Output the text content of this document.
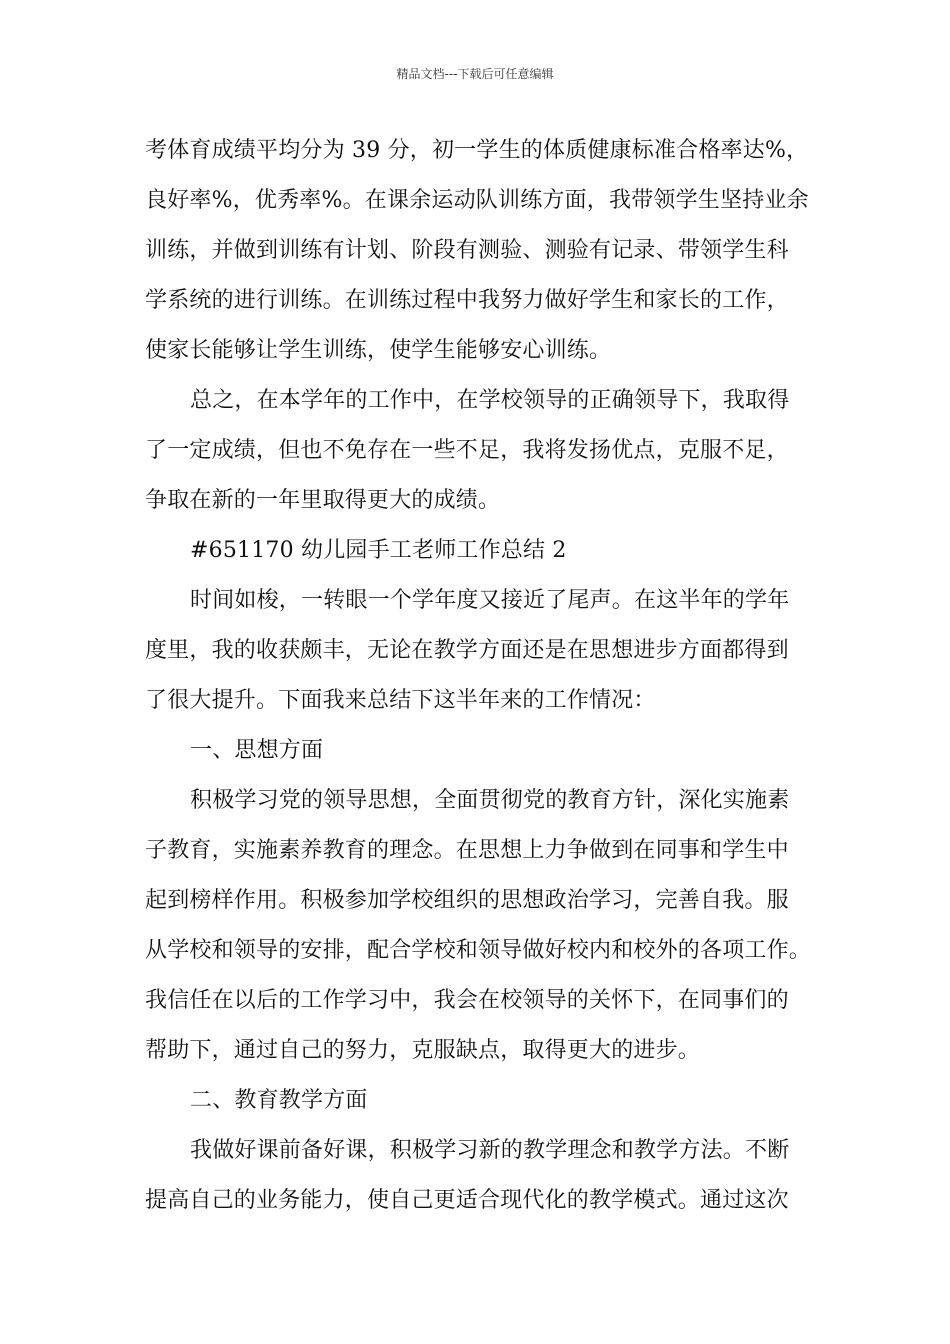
精品文档---下载后可任意编辑
考体育成绩平均分为 39 分，初一学生的体质健康标准合格率达%，
良好率%，优秀率%。在课余运动队训练方面，我带领学生坚持业余
训练，并做到训练有计划、阶段有测验、测验有记录、带领学生科
学系统的进行训练。在训练过程中我努力做好学生和家长的工作，
使家长能够让学生训练，使学生能够安心训练。
总之，在本学年的工作中，在学校领导的正确领导下，我取得
了一定成绩，但也不免存在一些不足，我将发扬优点，克服不足，
争取在新的一年里取得更大的成绩。
#651170 幼儿园手工老师工作总结 2
时间如梭，一转眼一个学年度又接近了尾声。在这半年的学年
度里，我的收获颇丰，无论在教学方面还是在思想进步方面都得到
了很大提升。下面我来总结下这半年来的工作情况：
一、思想方面
积极学习党的领导思想，全面贯彻党的教育方针，深化实施素
子教育，实施素养教育的理念。在思想上力争做到在同事和学生中
起到榜样作用。积极参加学校组织的思想政治学习，完善自我。服
从学校和领导的安排，配合学校和领导做好校内和校外的各项工作。
我信任在以后的工作学习中，我会在校领导的关怀下，在同事们的
帮助下，通过自己的努力，克服缺点，取得更大的进步。
二、教育教学方面
我做好课前备好课，积极学习新的教学理念和教学方法。不断
提高自己的业务能力，使自己更适合现代化的教学模式。通过这次
